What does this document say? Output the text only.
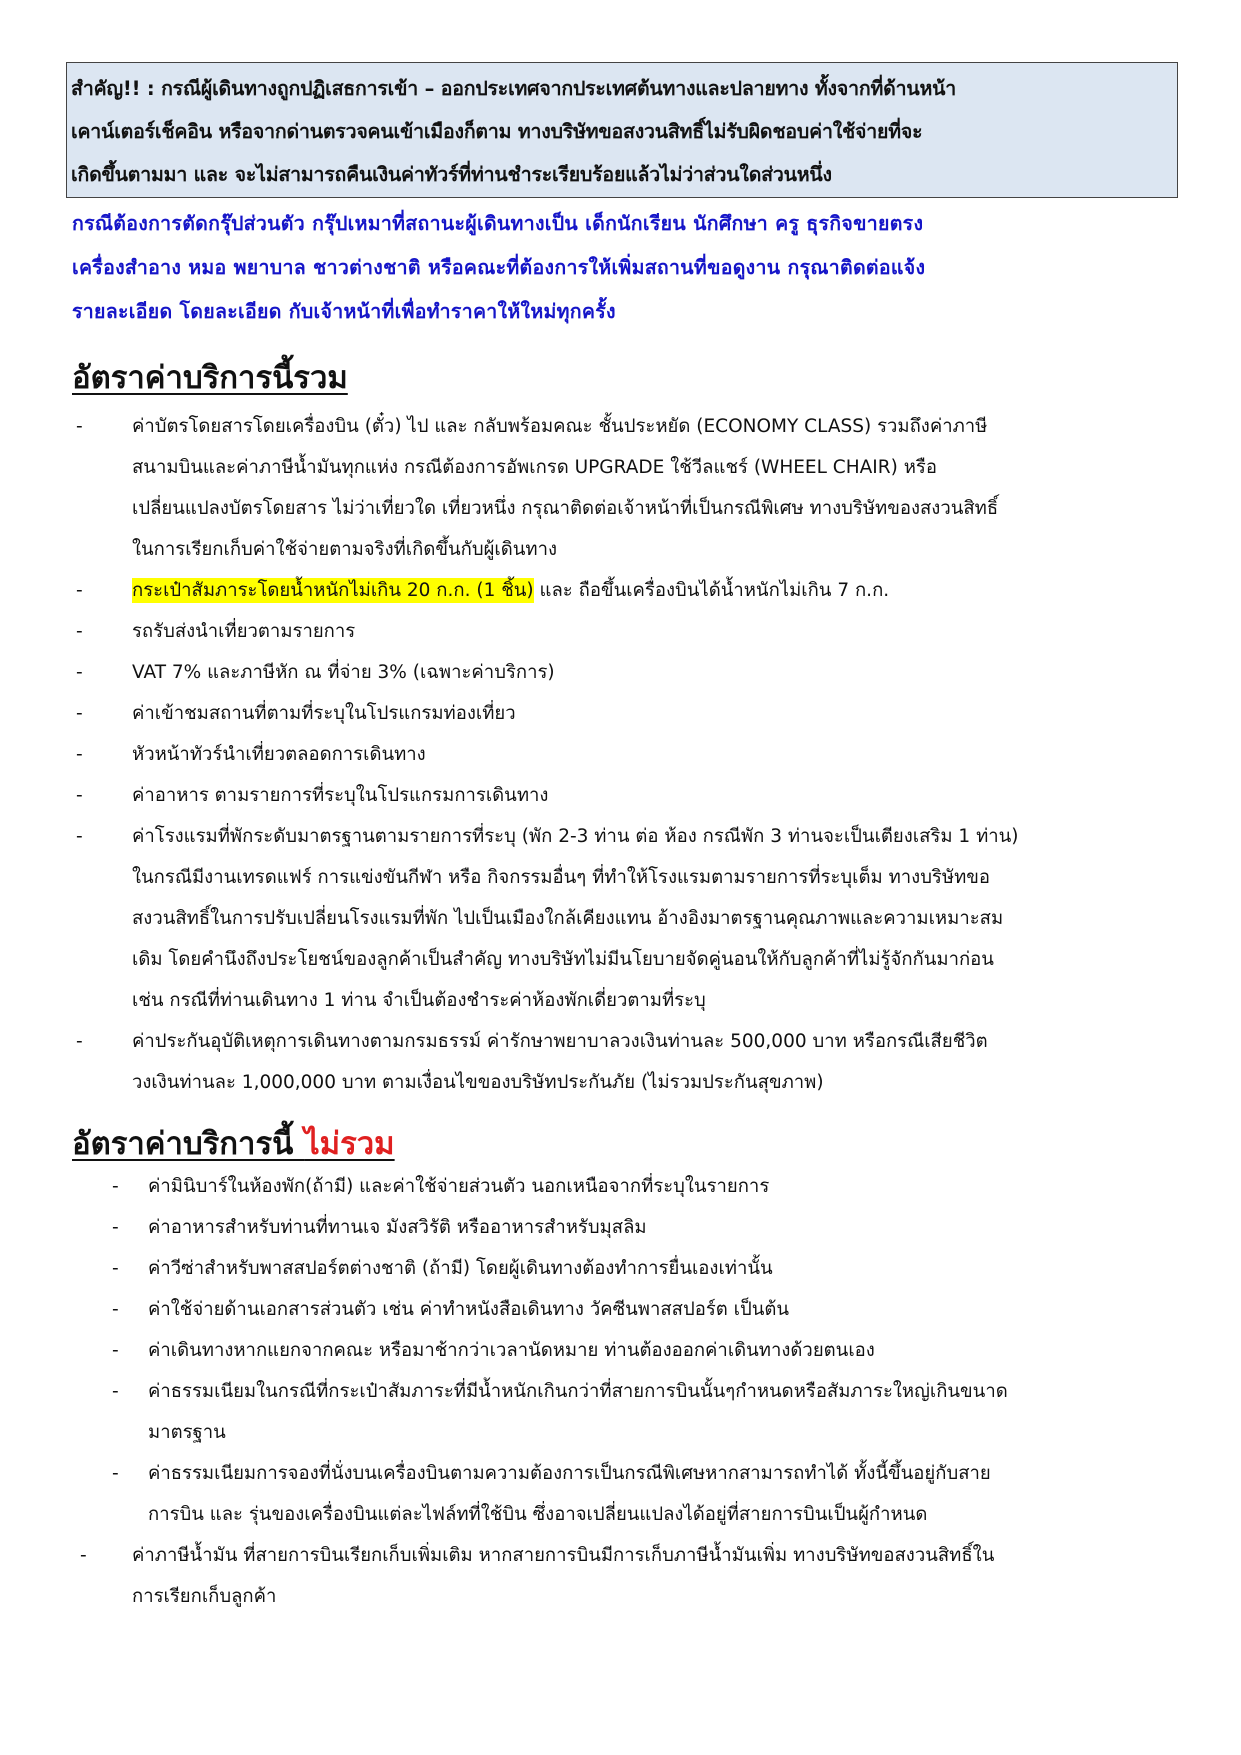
สำคัญ!! : กรณีผู้เดินทางถูกปฏิเสธการเข้า – ออกประเทศจากประเทศต้นทางและปลายทาง ทั้งจากที่ด้านหน้า

เคาน์เตอร์เช็คอิน หรือจากด่านตรวจคนเข้าเมืองก็ตาม ทางบริษัทขอสงวนสิทธิ์ไม่รับผิดชอบค่าใช้จ่ายที่จะ

เกิดขึ้นตามมา และ จะไม่สามารถคืนเงินค่าทัวร์ที่ท่านชำระเรียบร้อยแล้วไม่ว่าส่วนใดส่วนหนึ่ง

กรณีต้องการตัดกรุ๊ปส่วนตัว กรุ๊ปเหมาที่สถานะผู้เดินทางเป็น เด็กนักเรียน นักศึกษา ครู ธุรกิจขายตรง

เครื่องสำอาง หมอ พยาบาล ชาวต่างชาติ หรือคณะที่ต้องการให้เพิ่มสถานที่ขอดูงาน กรุณาติดต่อแจ้ง

รายละเอียด โดยละเอียด กับเจ้าหน้าที่เพื่อทำราคาให้ใหม่ทุกครั้ง

อัตราค่าบริการนี้รวม
-	ค่าบัตรโดยสารโดยเครื่องบิน (ตั๋ว) ไป และ กลับพร้อมคณะ ชั้นประหยัด (ECONOMY CLASS) รวมถึงค่าภาษี
สนามบินและค่าภาษีน้ำมันทุกแห่ง กรณีต้องการอัพเกรด UPGRADE ใช้วีลแชร์ (WHEEL CHAIR) หรือ
เปลี่ยนแปลงบัตรโดยสาร ไม่ว่าเที่ยวใด เที่ยวหนึ่ง กรุณาติดต่อเจ้าหน้าที่เป็นกรณีพิเศษ ทางบริษัทของสงวนสิทธิ์
ในการเรียกเก็บค่าใช้จ่ายตามจริงที่เกิดขึ้นกับผู้เดินทาง
-	กระเป๋าสัมภาระโดยน้ำหนักไม่เกิน 20 ก.ก. (1 ชิ้น) และ ถือขึ้นเครื่องบินได้น้ำหนักไม่เกิน 7 ก.ก.
-	รถรับส่งนำเที่ยวตามรายการ
-	VAT 7% และภาษีหัก ณ ที่จ่าย 3% (เฉพาะค่าบริการ)
-	ค่าเข้าชมสถานที่ตามที่ระบุในโปรแกรมท่องเที่ยว
-	หัวหน้าทัวร์นำเที่ยวตลอดการเดินทาง
-	ค่าอาหาร ตามรายการที่ระบุในโปรแกรมการเดินทาง
-	ค่าโรงแรมที่พักระดับมาตรฐานตามรายการที่ระบุ (พัก 2-3 ท่าน ต่อ ห้อง กรณีพัก 3 ท่านจะเป็นเตียงเสริม 1 ท่าน)
ในกรณีมีงานเทรดแฟร์ การแข่งขันกีฬา หรือ กิจกรรมอื่นๆ ที่ทำให้โรงแรมตามรายการที่ระบุเต็ม ทางบริษัทขอ
สงวนสิทธิ์ในการปรับเปลี่ยนโรงแรมที่พัก ไปเป็นเมืองใกล้เคียงแทน อ้างอิงมาตรฐานคุณภาพและความเหมาะสม
เดิม โดยคำนึงถึงประโยชน์ของลูกค้าเป็นสำคัญ ทางบริษัทไม่มีนโยบายจัดคู่นอนให้กับลูกค้าที่ไม่รู้จักกันมาก่อน
เช่น กรณีที่ท่านเดินทาง 1 ท่าน จำเป็นต้องชำระค่าห้องพักเดี่ยวตามที่ระบุ
-	ค่าประกันอุบัติเหตุการเดินทางตามกรมธรรม์ ค่ารักษาพยาบาลวงเงินท่านละ 500,000 บาท หรือกรณีเสียชีวิต
วงเงินท่านละ 1,000,000 บาท ตามเงื่อนไขของบริษัทประกันภัย (ไม่รวมประกันสุขภาพ)
อัตราค่าบริการนี้ ไม่รวม
- ค่ามินิบาร์ในห้องพัก(ถ้ามี) และค่าใช้จ่ายส่วนตัว นอกเหนือจากที่ระบุในรายการ
- ค่าอาหารสำหรับท่านที่ทานเจ มังสวิรัติ หรืออาหารสำหรับมุสลิม
- ค่าวีซ่าสำหรับพาสสปอร์ตต่างชาติ (ถ้ามี) โดยผู้เดินทางต้องทำการยื่นเองเท่านั้น
- ค่าใช้จ่ายด้านเอกสารส่วนตัว เช่น ค่าทำหนังสือเดินทาง วัคซีนพาสสปอร์ต เป็นต้น
- ค่าเดินทางหากแยกจากคณะ หรือมาช้ากว่าเวลานัดหมาย ท่านต้องออกค่าเดินทางด้วยตนเอง
- ค่าธรรมเนียมในกรณีที่กระเป๋าสัมภาระที่มีน้ำหนักเกินกว่าที่สายการบินนั้นๆกำหนดหรือสัมภาระใหญ่เกินขนาด
มาตรฐาน
- ค่าธรรมเนียมการจองที่นั่งบนเครื่องบินตามความต้องการเป็นกรณีพิเศษหากสามารถทำได้ ทั้งนี้ขึ้นอยู่กับสาย
การบิน และ รุ่นของเครื่องบินแต่ละไฟล์ทที่ใช้บิน ซึ่งอาจเปลี่ยนแปลงได้อยู่ที่สายการบินเป็นผู้กำหนด
- ค่าภาษีน้ำมัน ที่สายการบินเรียกเก็บเพิ่มเติม หากสายการบินมีการเก็บภาษีน้ำมันเพิ่ม ทางบริษัทขอสงวนสิทธิ์ใน
การเรียกเก็บลูกค้า
